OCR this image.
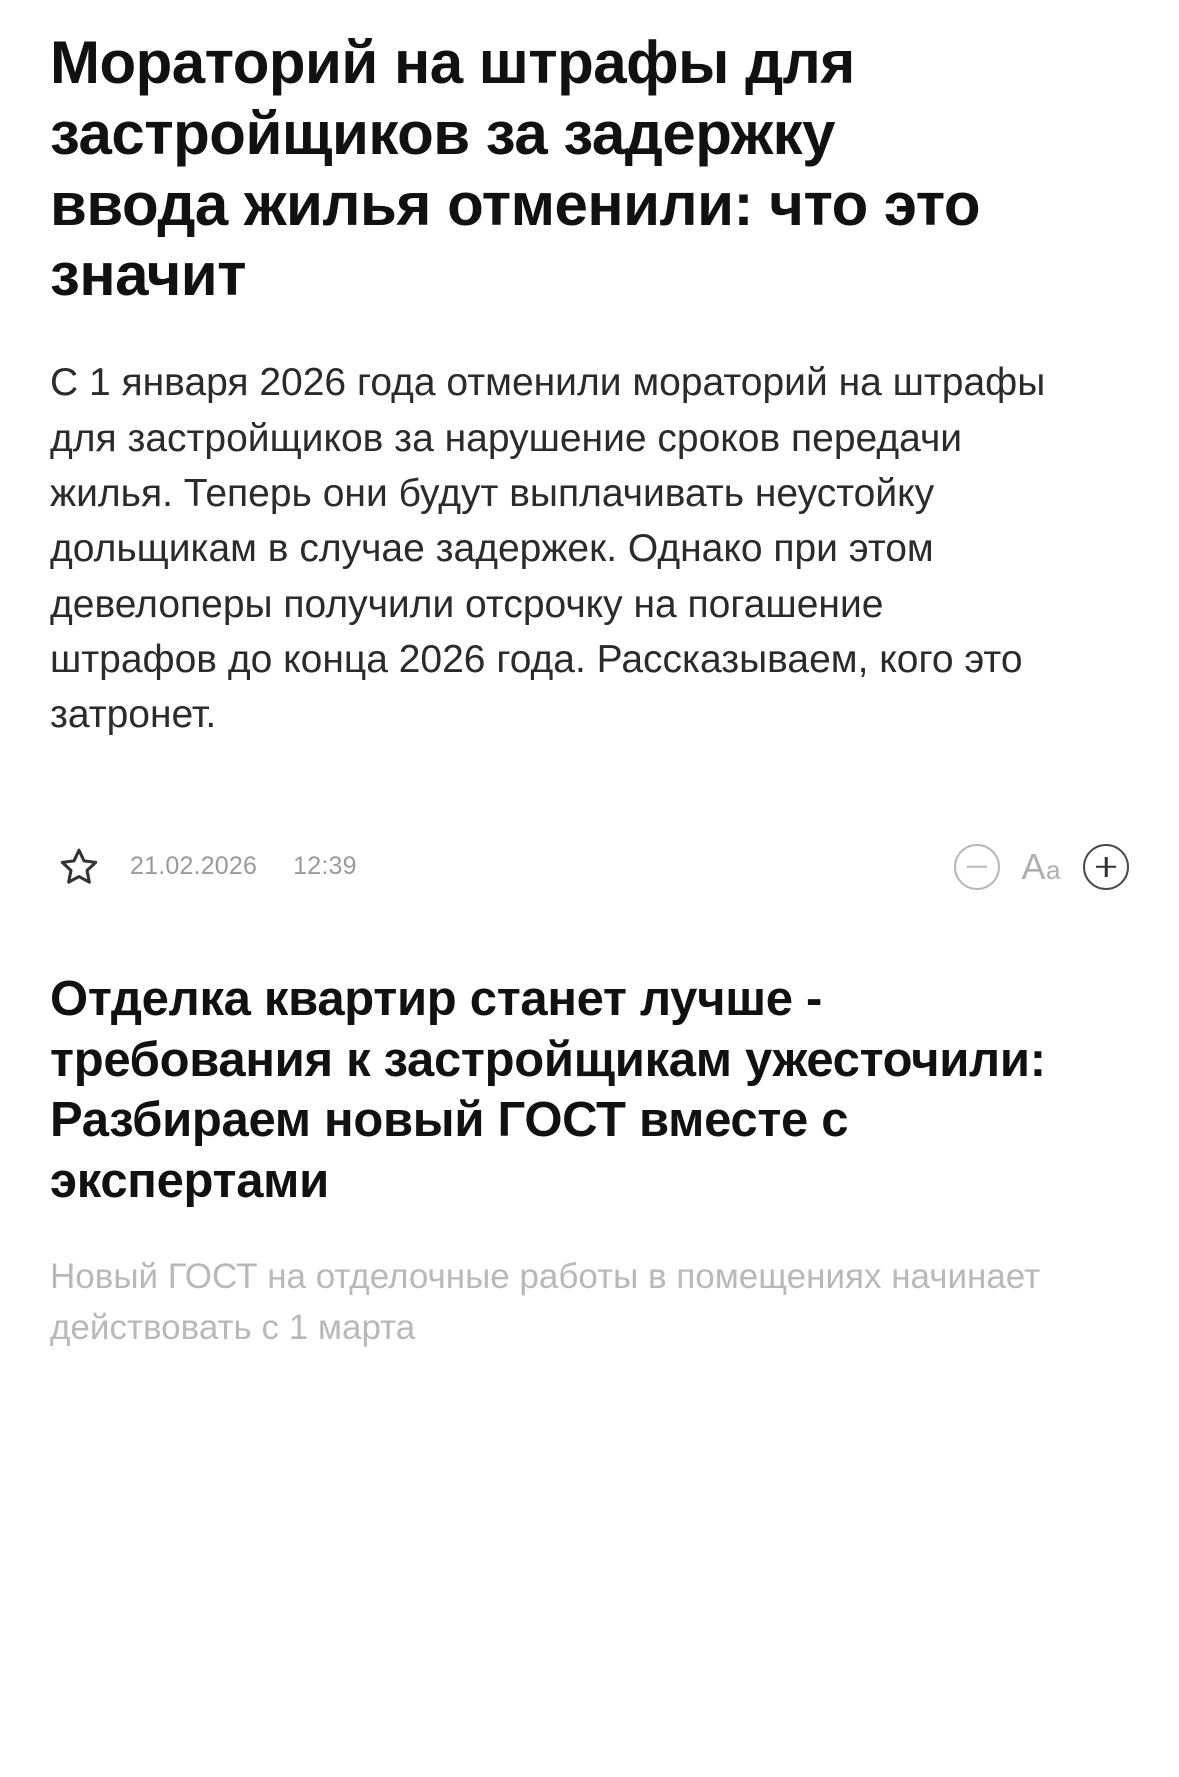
Мораторий на штрафы для застройщиков за задержку ввода жилья отменили: что это значит

С 1 января 2026 года отменили мораторий на штрафы для застройщиков за нарушение сроков передачи жилья. Теперь они будут выплачивать неустойку дольщикам в случае задержек. Однако при этом девелоперы получили отсрочку на погашение штрафов до конца 2026 года. Рассказываем, кого это затронет.

21.02.2026 12:39	Aa
Отделка квартир станет лучше - требования к застройщикам ужесточили: Разбираем новый ГОСТ вместе с экспертами

Новый ГОСТ на отделочные работы в помещениях начинает действовать с 1 марта
